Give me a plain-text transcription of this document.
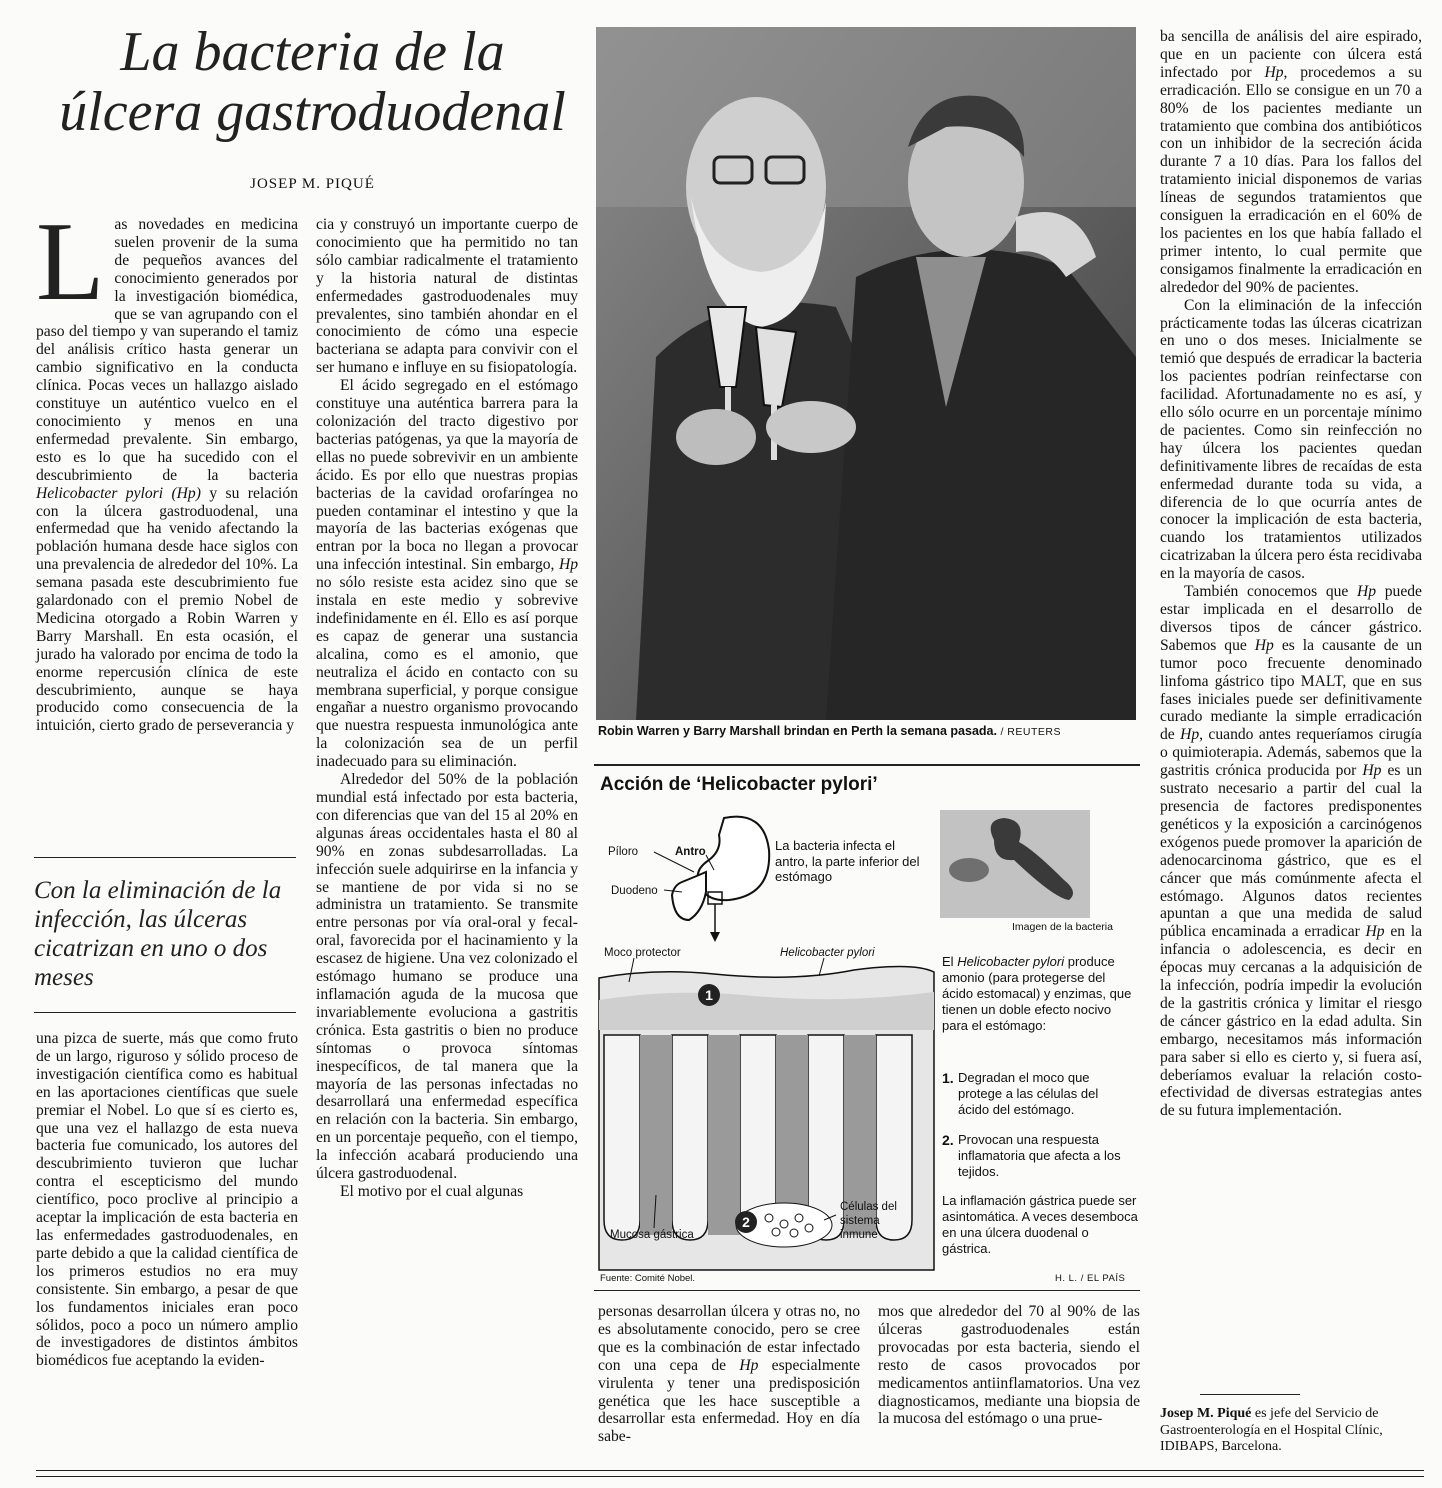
La bacteria de la
úlcera gastroduodenal
JOSEP M. PIQUÉ

Las novedades en medicina suelen provenir de la suma de pequeños avances del conocimiento generados por la investigación biomédica, que se van agrupando con el paso del tiempo y van superando el tamiz del análisis crítico hasta generar un cambio significativo en la conducta clínica. Pocas veces un hallazgo aislado constituye un auténtico vuelco en el conocimiento y menos en una enfermedad prevalente. Sin embargo, esto es lo que ha sucedido con el descubrimiento de la bacteria Helicobacter pylori (Hp) y su relación con la úlcera gastroduodenal, una enfermedad que ha venido afectando la población humana desde hace siglos con una prevalencia de alrededor del 10%. La semana pasada este descubrimiento fue galardonado con el premio Nobel de Medicina otorgado a Robin Warren y Barry Marshall. En esta ocasión, el jurado ha valorado por encima de todo la enorme repercusión clínica de este descubrimiento, aunque se haya producido como consecuencia de la intuición, cierto grado de perseverancia y

Con la eliminación de la infección, las úlceras cicatrizan en uno o dos meses

una pizca de suerte, más que como fruto de un largo, riguroso y sólido proceso de investigación científica como es habitual en las aportaciones científicas que suele premiar el Nobel. Lo que sí es cierto es, que una vez el hallazgo de esta nueva bacteria fue comunicado, los autores del descubrimiento tuvieron que luchar contra el escepticismo del mundo científico, poco proclive al principio a aceptar la implicación de esta bacteria en las enfermedades gastroduodenales, en parte debido a que la calidad científica de los primeros estudios no era muy consistente. Sin embargo, a pesar de que los fundamentos iniciales eran poco sólidos, poco a poco un número amplio de investigadores de distintos ámbitos biomédicos fue aceptando la eviden-

cia y construyó un importante cuerpo de conocimiento que ha permitido no tan sólo cambiar radicalmente el tratamiento y la historia natural de distintas enfermedades gastroduodenales muy prevalentes, sino también ahondar en el conocimiento de cómo una especie bacteriana se adapta para convivir con el ser humano e influye en su fisiopatología.

El ácido segregado en el estómago constituye una auténtica barrera para la colonización del tracto digestivo por bacterias patógenas, ya que la mayoría de ellas no puede sobrevivir en un ambiente ácido. Es por ello que nuestras propias bacterias de la cavidad orofaríngea no pueden contaminar el intestino y que la mayoría de las bacterias exógenas que entran por la boca no llegan a provocar una infección intestinal. Sin embargo, Hp no sólo resiste esta acidez sino que se instala en este medio y sobrevive indefinidamente en él. Ello es así porque es capaz de generar una sustancia alcalina, como es el amonio, que neutraliza el ácido en contacto con su membrana superficial, y porque consigue engañar a nuestro organismo provocando que nuestra respuesta inmunológica ante la colonización sea de un perfil inadecuado para su eliminación.

Alrededor del 50% de la población mundial está infectado por esta bacteria, con diferencias que van del 15 al 20% en algunas áreas occidentales hasta el 80 al 90% en zonas subdesarrolladas. La infección suele adquirirse en la infancia y se mantiene de por vida si no se administra un tratamiento. Se transmite entre personas por vía oral-oral y fecal-oral, favorecida por el hacinamiento y la escasez de higiene. Una vez colonizado el estómago humano se produce una inflamación aguda de la mucosa que invariablemente evoluciona a gastritis crónica. Esta gastritis o bien no produce síntomas o provoca síntomas inespecíficos, de tal manera que la mayoría de las personas infectadas no desarrollará una enfermedad específica en relación con la bacteria. Sin embargo, en un porcentaje pequeño, con el tiempo, la infección acabará produciendo una úlcera gastroduodenal.

El motivo por el cual algunas

personas desarrollan úlcera y otras no, no es absolutamente conocido, pero se cree que es la combinación de estar infectado con una cepa de Hp especialmente virulenta y tener una predisposición genética que les hace susceptible a desarrollar esta enfermedad. Hoy en día sabe-

mos que alrededor del 70 al 90% de las úlceras gastroduodenales están provocadas por esta bacteria, siendo el resto de casos provocados por medicamentos antiinflamatorios. Una vez diagnosticamos, mediante una biopsia de la mucosa del estómago o una prue-

Robin Warren y Barry Marshall brindan en Perth la semana pasada. / REUTERS
Acción de ‘Helicobacter pylori’
1
2
Píloro	Antro
Duodeno
La bacteria infecta el antro, la parte inferior del estómago
Imagen de la bacteria
Moco protector	Helicobacter pylori
Mucosa gástrica
Células del sistema inmune
El Helicobacter pylori produce amonio (para protegerse del ácido estomacal) y enzimas, que tienen un doble efecto nocivo para el estómago:
1. Degradan el moco que protege a las células del ácido del estómago.
2. Provocan una respuesta inflamatoria que afecta a los tejidos.
La inflamación gástrica puede ser asintomática. A veces desemboca en una úlcera duodenal o gástrica.
Fuente: Comité Nobel.	H. L. / EL PAÍS

ba sencilla de análisis del aire espirado, que en un paciente con úlcera está infectado por Hp, procedemos a su erradicación. Ello se consigue en un 70 a 80% de los pacientes mediante un tratamiento que combina dos antibióticos con un inhibidor de la secreción ácida durante 7 a 10 días. Para los fallos del tratamiento inicial disponemos de varias líneas de segundos tratamientos que consiguen la erradicación en el 60% de los pacientes en los que había fallado el primer intento, lo cual permite que consigamos finalmente la erradicación en alrededor del 90% de pacientes.

Con la eliminación de la infección prácticamente todas las úlceras cicatrizan en uno o dos meses. Inicialmente se temió que después de erradicar la bacteria los pacientes podrían reinfectarse con facilidad. Afortunadamente no es así, y ello sólo ocurre en un porcentaje mínimo de pacientes. Como sin reinfección no hay úlcera los pacientes quedan definitivamente libres de recaídas de esta enfermedad durante toda su vida, a diferencia de lo que ocurría antes de conocer la implicación de esta bacteria, cuando los tratamientos utilizados cicatrizaban la úlcera pero ésta recidivaba en la mayoría de casos.

También conocemos que Hp puede estar implicada en el desarrollo de diversos tipos de cáncer gástrico. Sabemos que Hp es la causante de un tumor poco frecuente denominado linfoma gástrico tipo MALT, que en sus fases iniciales puede ser definitivamente curado mediante la simple erradicación de Hp, cuando antes requeríamos cirugía o quimioterapia. Además, sabemos que la gastritis crónica producida por Hp es un sustrato necesario a partir del cual la presencia de factores predisponentes genéticos y la exposición a carcinógenos exógenos puede promover la aparición de adenocarcinoma gástrico, que es el cáncer que más comúnmente afecta el estómago. Algunos datos recientes apuntan a que una medida de salud pública encaminada a erradicar Hp en la infancia o adolescencia, es decir en épocas muy cercanas a la adquisición de la infección, podría impedir la evolución de la gastritis crónica y limitar el riesgo de cáncer gástrico en la edad adulta. Sin embargo, necesitamos más información para saber si ello es cierto y, si fuera así, deberíamos evaluar la relación costo-efectividad de diversas estrategias antes de su futura implementación.

Josep M. Piqué es jefe del Servicio de Gastroenterología en el Hospital Clínic, IDIBAPS, Barcelona.
